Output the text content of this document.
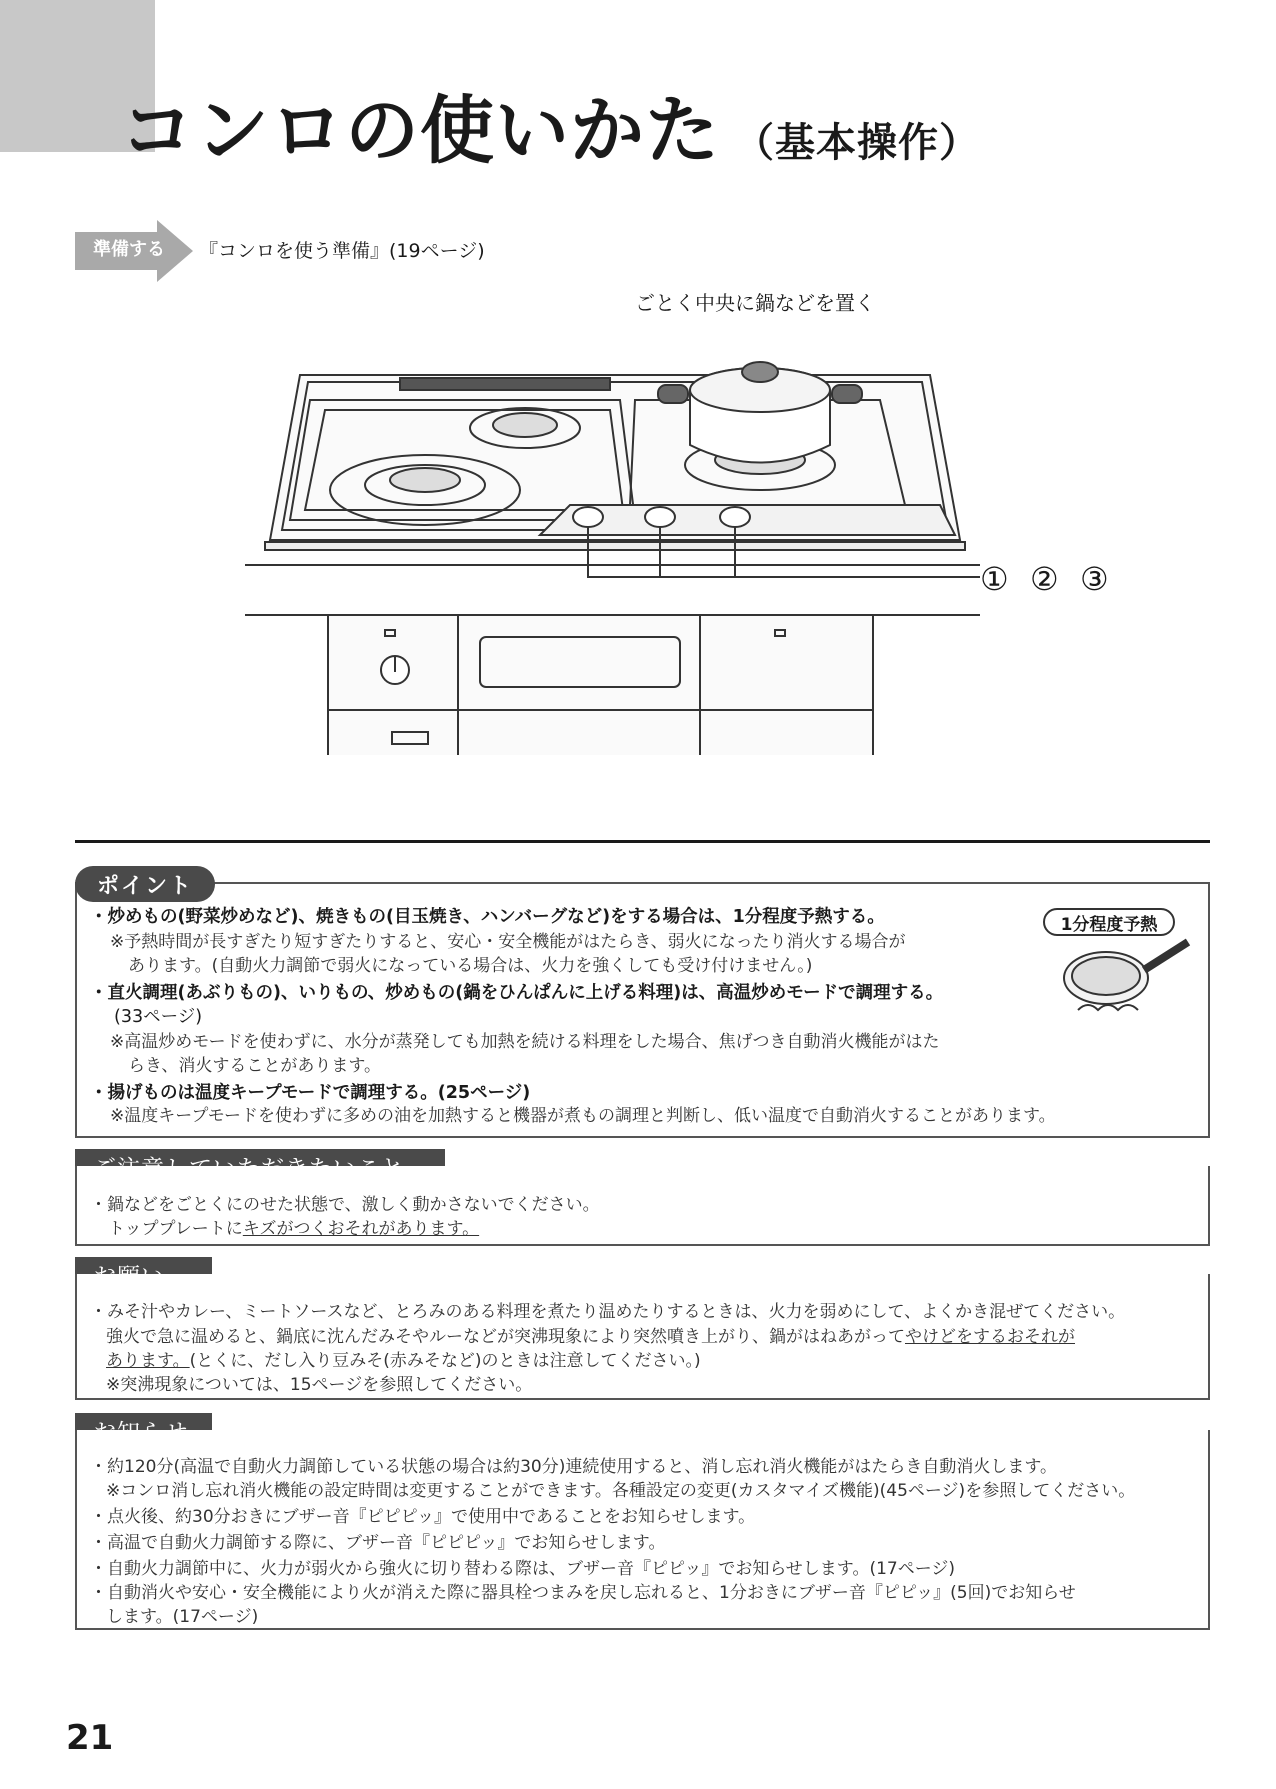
コンロの使いかた （基本操作）
準備する 『コンロを使う準備』(19ページ)
ごとく中央に鍋などを置く
① ② ③
ポイント
1分程度予熱
・炒めもの(野菜炒めなど)、焼きもの(目玉焼き、ハンバーグなど)をする場合は、1分程度予熱する。
※予熱時間が長すぎたり短すぎたりすると、安心・安全機能がはたらき、弱火になったり消火する場合が
あります。(自動火力調節で弱火になっている場合は、火力を強くしても受け付けません。)
・直火調理(あぶりもの)、いりもの、炒めもの(鍋をひんぱんに上げる料理)は、高温炒めモードで調理する。
(33ページ)
※高温炒めモードを使わずに、水分が蒸発しても加熱を続ける料理をした場合、焦げつき自動消火機能がはた
らき、消火することがあります。
・揚げものは温度キープモードで調理する。(25ページ)
※温度キープモードを使わずに多めの油を加熱すると機器が煮もの調理と判断し、低い温度で自動消火することがあります。
・鍋などをごとくにのせた状態で、激しく動かさないでください。
トッププレートにキズがつくおそれがあります。
・みそ汁やカレー、ミートソースなど、とろみのある料理を煮たり温めたりするときは、火力を弱めにして、よくかき混ぜてください。
強火で急に温めると、鍋底に沈んだみそやルーなどが突沸現象により突然噴き上がり、鍋がはねあがってやけどをするおそれが
あります。(とくに、だし入り豆みそ(赤みそなど)のときは注意してください。)
※突沸現象については、15ページを参照してください。
・約120分(高温で自動火力調節している状態の場合は約30分)連続使用すると、消し忘れ消火機能がはたらき自動消火します。
※コンロ消し忘れ消火機能の設定時間は変更することができます。各種設定の変更(カスタマイズ機能)(45ページ)を参照してください。
・点火後、約30分おきにブザー音『ピピピッ』で使用中であることをお知らせします。
・高温で自動火力調節する際に、ブザー音『ピピピッ』でお知らせします。
・自動火力調節中に、火力が弱火から強火に切り替わる際は、ブザー音『ピピッ』でお知らせします。(17ページ)
・自動消火や安心・安全機能により火が消えた際に器具栓つまみを戻し忘れると、1分おきにブザー音『ピピッ』(5回)でお知らせ
します。(17ページ)
21
